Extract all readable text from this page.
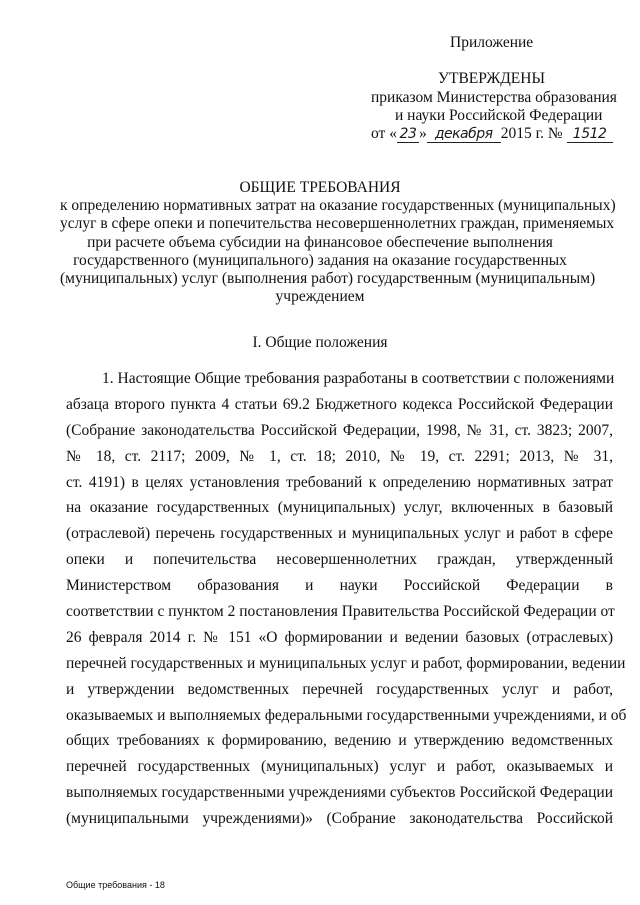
Приложение
УТВЕРЖДЕНЫ
приказом Министерства образования
и науки Российской Федерации
от « 23 » декабря 2015 г. № 1512
ОБЩИЕ ТРЕБОВАНИЯ
к определению нормативных затрат на оказание государственных (муниципальных)
услуг в сфере опеки и попечительства несовершеннолетних граждан, применяемых
при расчете объема субсидии на финансовое обеспечение выполнения
государственного (муниципального) задания на оказание государственных
(муниципальных) услуг (выполнения работ) государственным (муниципальным)
учреждением
I. Общие положения
1. Настоящие Общие требования разработаны в соответствии с положениями
абзаца второго пункта 4 статьи 69.2 Бюджетного кодекса Российской Федерации
(Собрание законодательства Российской Федерации, 1998, № 31, ст. 3823; 2007,
№ 18, ст. 2117; 2009, № 1, ст. 18; 2010, № 19, ст. 2291; 2013, № 31,
ст. 4191) в целях установления требований к определению нормативных затрат
на оказание государственных (муниципальных) услуг, включенных в базовый
(отраслевой) перечень государственных и муниципальных услуг и работ в сфере
опеки и попечительства несовершеннолетних граждан, утвержденный
Министерством образования и науки Российской Федерации в
соответствии с пунктом 2 постановления Правительства Российской Федерации от
26 февраля 2014 г. № 151 «О формировании и ведении базовых (отраслевых)
перечней государственных и муниципальных услуг и работ, формировании, ведении
и утверждении ведомственных перечней государственных услуг и работ,
оказываемых и выполняемых федеральными государственными учреждениями, и об
общих требованиях к формированию, ведению и утверждению ведомственных
перечней государственных (муниципальных) услуг и работ, оказываемых и
выполняемых государственными учреждениями субъектов Российской Федерации
(муниципальными учреждениями)» (Собрание законодательства Российской
Общие требования - 18
